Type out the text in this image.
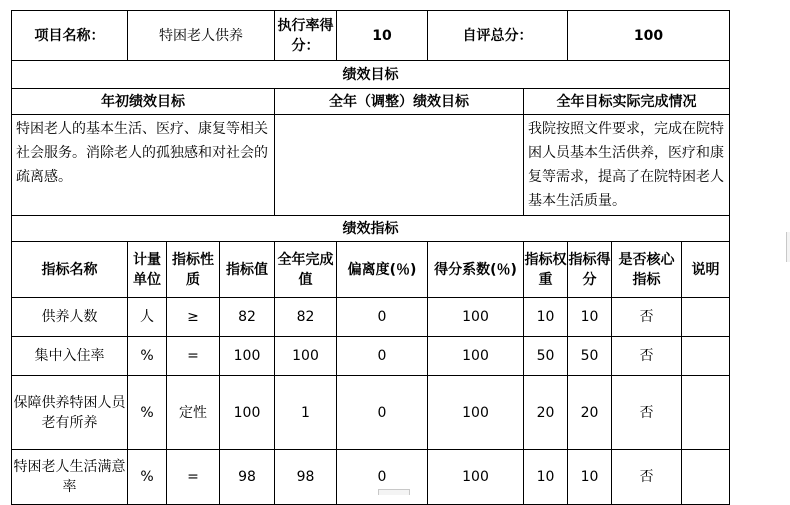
项目名称：	特困老人供养			执行率得分：	10	自评总分：		100		
绩效目标										
年初绩效目标				全年（调整）绩效目标			全年目标实际完成情况			
特困老人的基本生活、医疗、康复等相关社会服务。消除老人的孤独感和对社会的疏离感。							我院按照文件要求，完成在院特困人员基本生活供养，医疗和康复等需求，提高了在院特困老人基本生活质量。			
绩效指标										
指标名称	计量单位	指标性质	指标值	全年完成值	偏离度(％)	得分系数(％)	指标权重	指标得分	是否核心指标	说明
供养人数	人	≥	82	82	0	100	10	10	否	
集中入住率	%	=	100	100	0	100	50	50	否	
保障供养特困人员老有所养	%	定性	100	1	0	100	20	20	否	
特困老人生活满意率	%	=	98	98	0	100	10	10	否	
